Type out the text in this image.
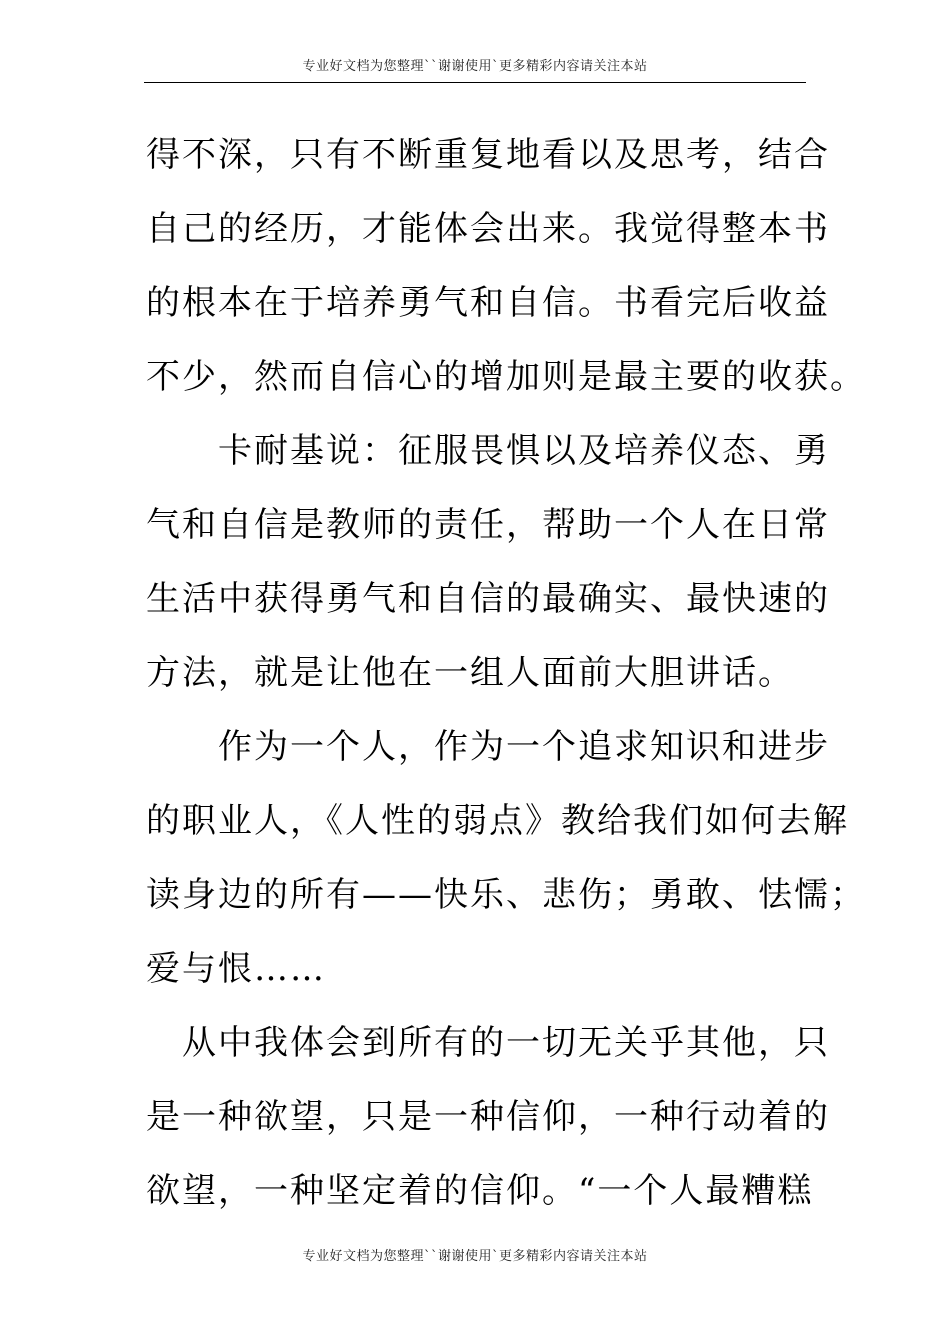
专业好文档为您整理``谢谢使用`更多精彩内容请关注本站
得不深，只有不断重复地看以及思考，结合
自己的经历，才能体会出来。我觉得整本书
的根本在于培养勇气和自信。书看完后收益
不少，然而自信心的增加则是最主要的收获。
　　卡耐基说：征服畏惧以及培养仪态、勇
气和自信是教师的责任，帮助一个人在日常
生活中获得勇气和自信的最确实、最快速的
方法，就是让他在一组人面前大胆讲话。
　　作为一个人，作为一个追求知识和进步
的职业人，《人性的弱点》教给我们如何去解
读身边的所有——快乐、悲伤；勇敢、怯懦；
爱与恨……
　从中我体会到所有的一切无关乎其他，只
是一种欲望，只是一种信仰，一种行动着的
欲望，一种坚定着的信仰。“一个人最糟糕
专业好文档为您整理``谢谢使用`更多精彩内容请关注本站
